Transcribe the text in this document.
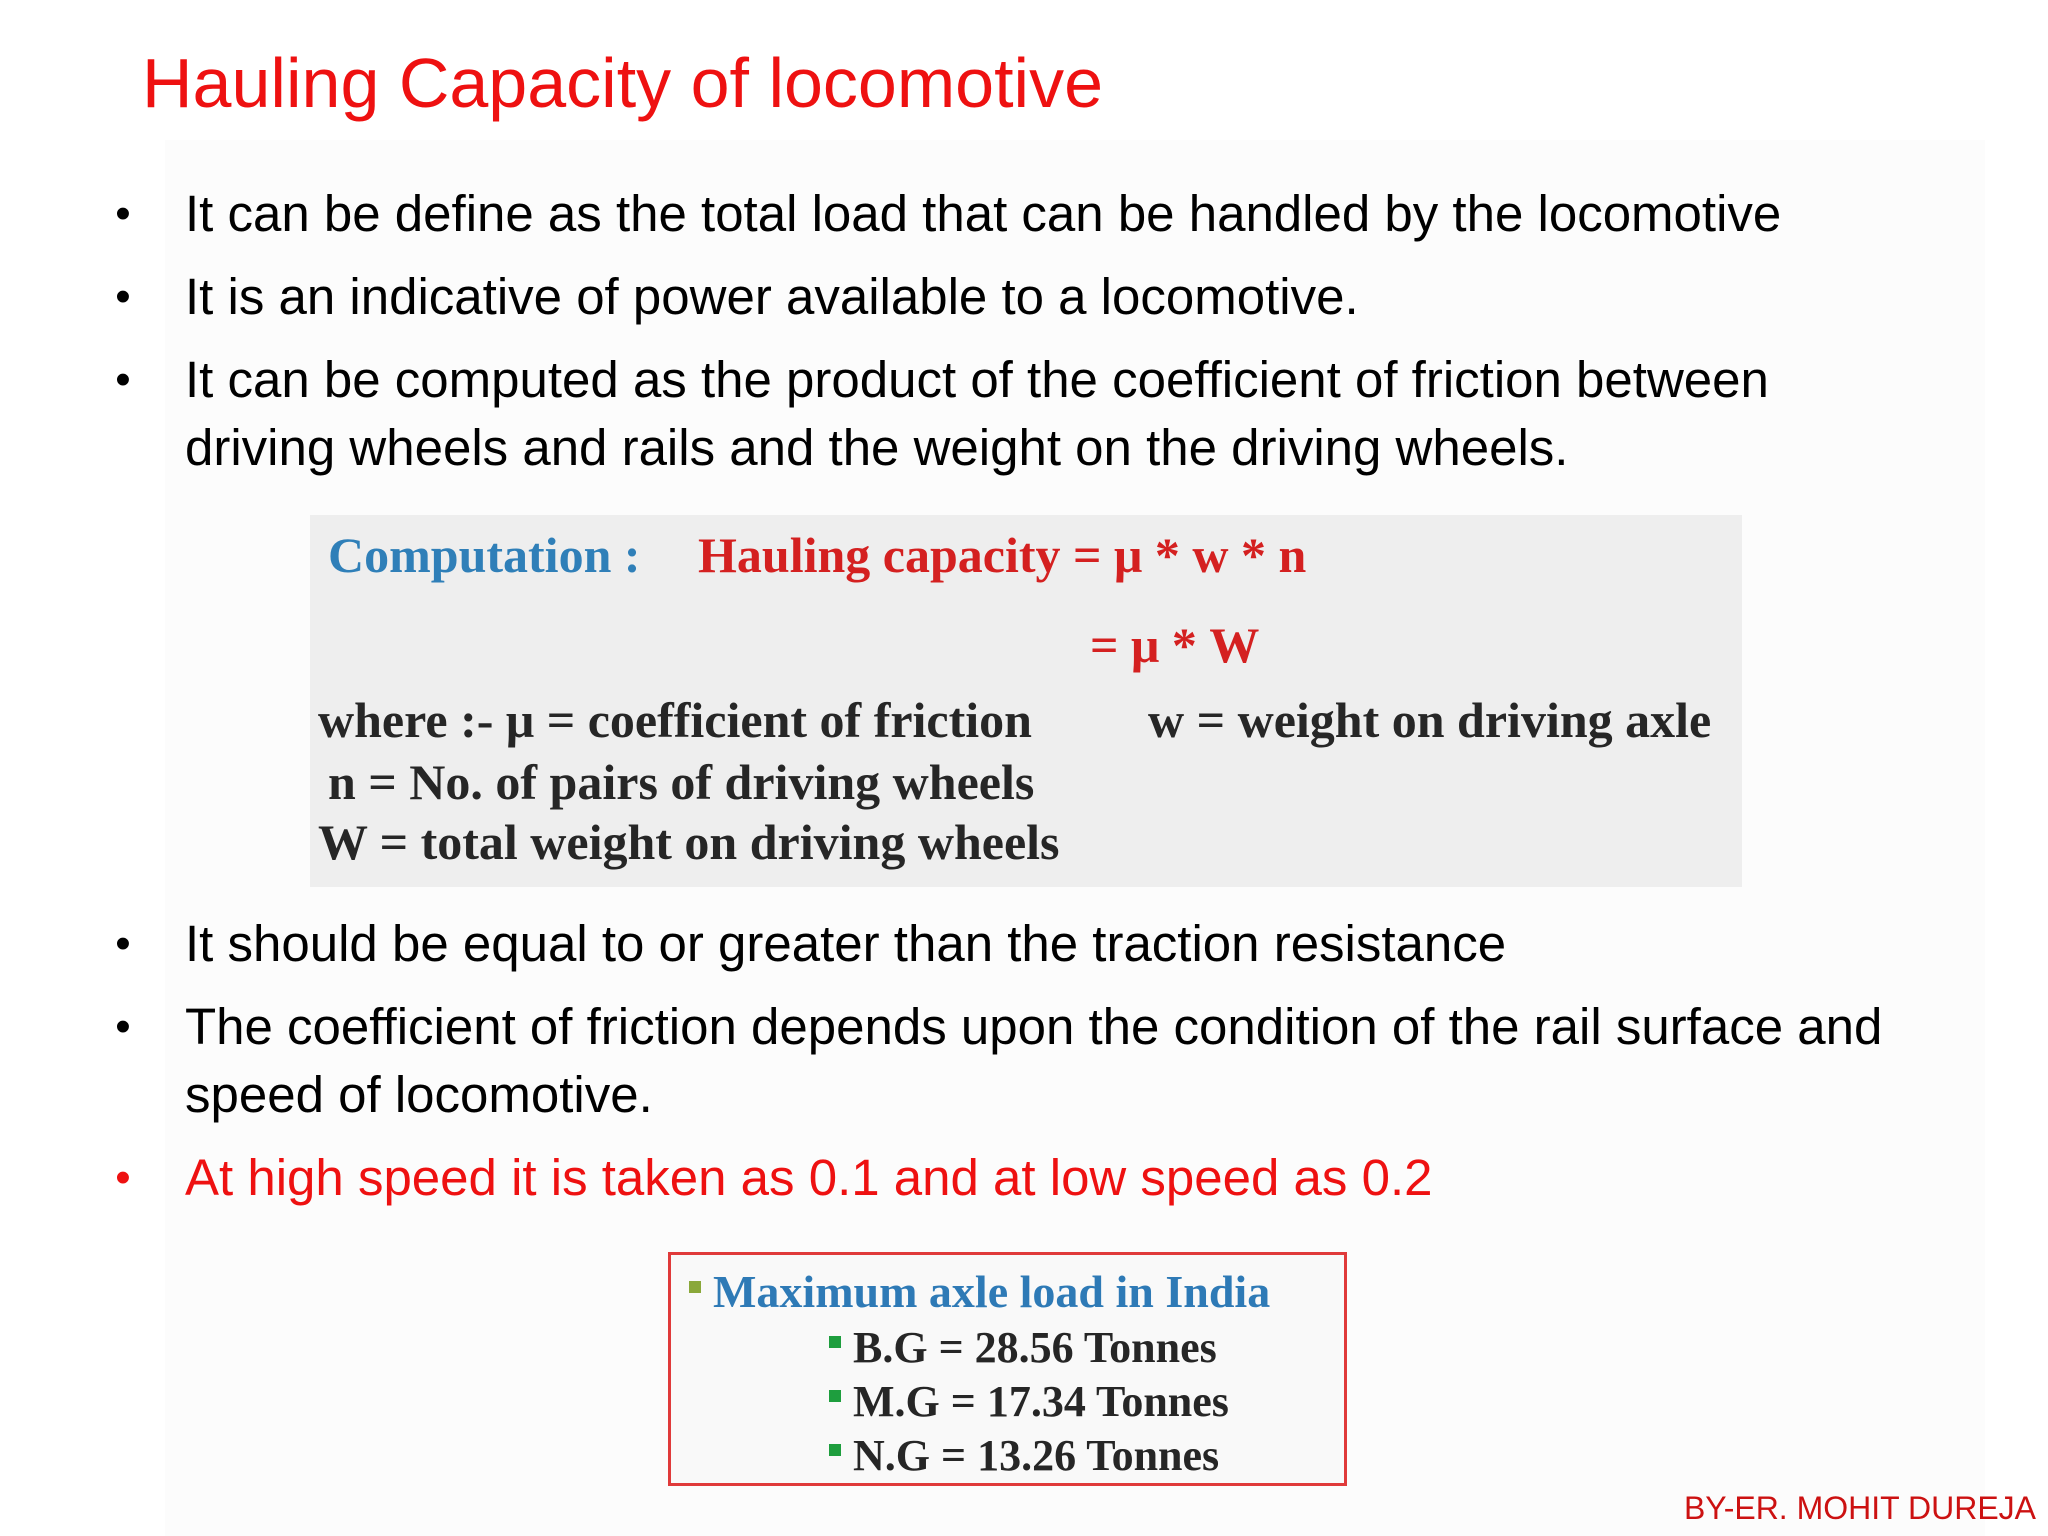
Hauling Capacity of locomotive
• It can be define as the total load that can be handled by the locomotive
• It is an indicative of power available to a locomotive.
• It can be computed as the product of the coefficient of friction between driving wheels and rails and the weight on the driving wheels.
Computation : Hauling capacity = μ * w * n
= μ * W
where :- μ = coefficient of friction w = weight on driving axle
n = No. of pairs of driving wheels
W = total weight on driving wheels
• It should be equal to or greater than the traction resistance
• The coefficient of friction depends upon the condition of the rail surface and speed of locomotive.
• At high speed it is taken as 0.1 and at low speed as 0.2
Maximum axle load in India
B.G = 28.56 Tonnes
M.G = 17.34 Tonnes
N.G = 13.26 Tonnes
BY-ER. MOHIT DUREJA
